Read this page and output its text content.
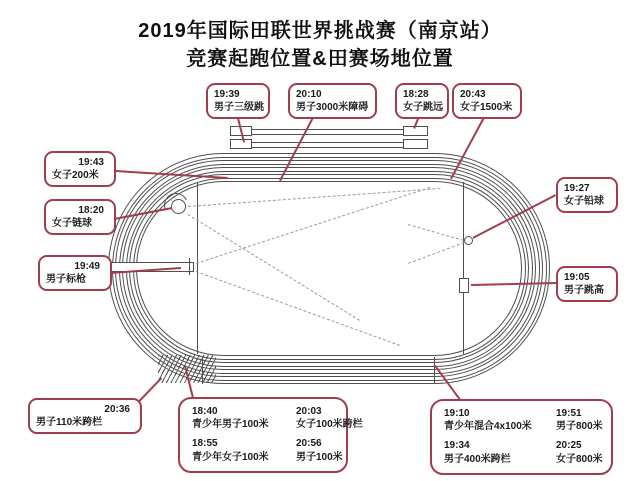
2019年国际田联世界挑战赛（南京站）
竞赛起跑位置&田赛场地位置
19:39
男子三级跳
20:10
男子3000米障碍
18:28
女子跳远
20:43
女子1500米
19:43
女子200米
18:20
女子链球
19:49
男子标枪
19:27
女子铅球
19:05
男子跳高
20:36
男子110米跨栏
18:40
青少年男子100米
20:03
女子100米跨栏
18:55
青少年女子100米
20:56
男子100米
19:10
青少年混合4x100米
19:51
男子800米
19:34
男子400米跨栏
20:25
女子800米
